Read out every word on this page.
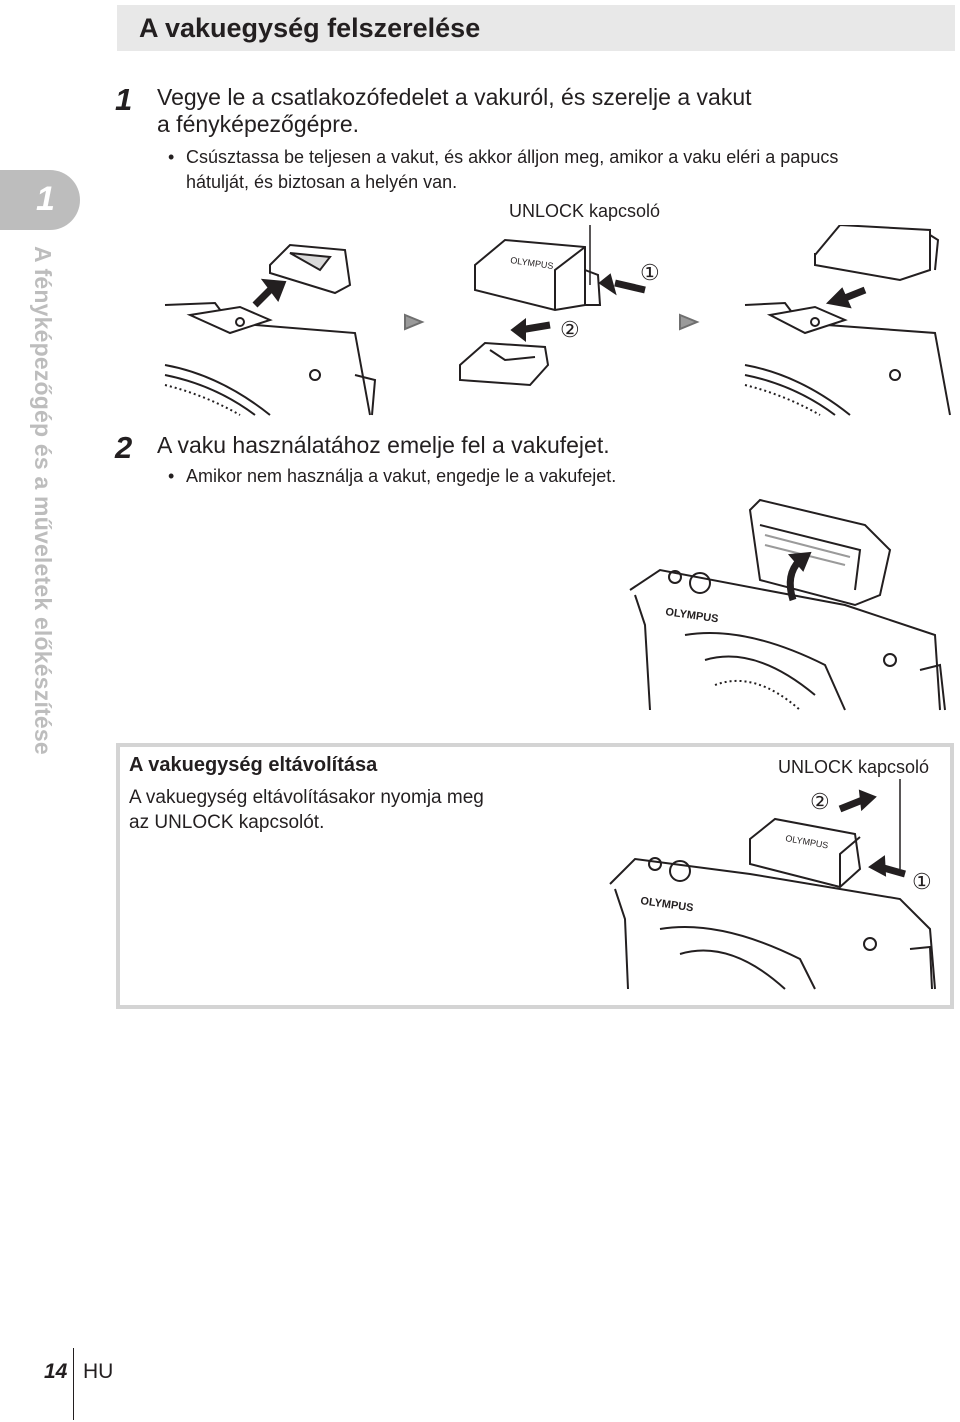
A vakuegység felszerelése
1
A fényképezőgép és a műveletek előkészítése
1 Vegye le a csatlakozófedelet a vakuról, és szerelje a vakut
a fényképezőgépre.
• Csúsztassa be teljesen a vakut, és akkor álljon meg, amikor a vaku eléri a papucs
hátulját, és biztosan a helyén van.
UNLOCK kapcsoló
OLYMPUS	①
②
2 A vaku használatához emelje fel a vakufejet.
• Amikor nem használja a vakut, engedje le a vakufejet.
OLYMPUS
A vakuegység eltávolítása
A vakuegység eltávolításakor nyomja meg
az UNLOCK kapcsolót.
UNLOCK kapcsoló
②
OLYMPUS
①
OLYMPUS
14 HU
